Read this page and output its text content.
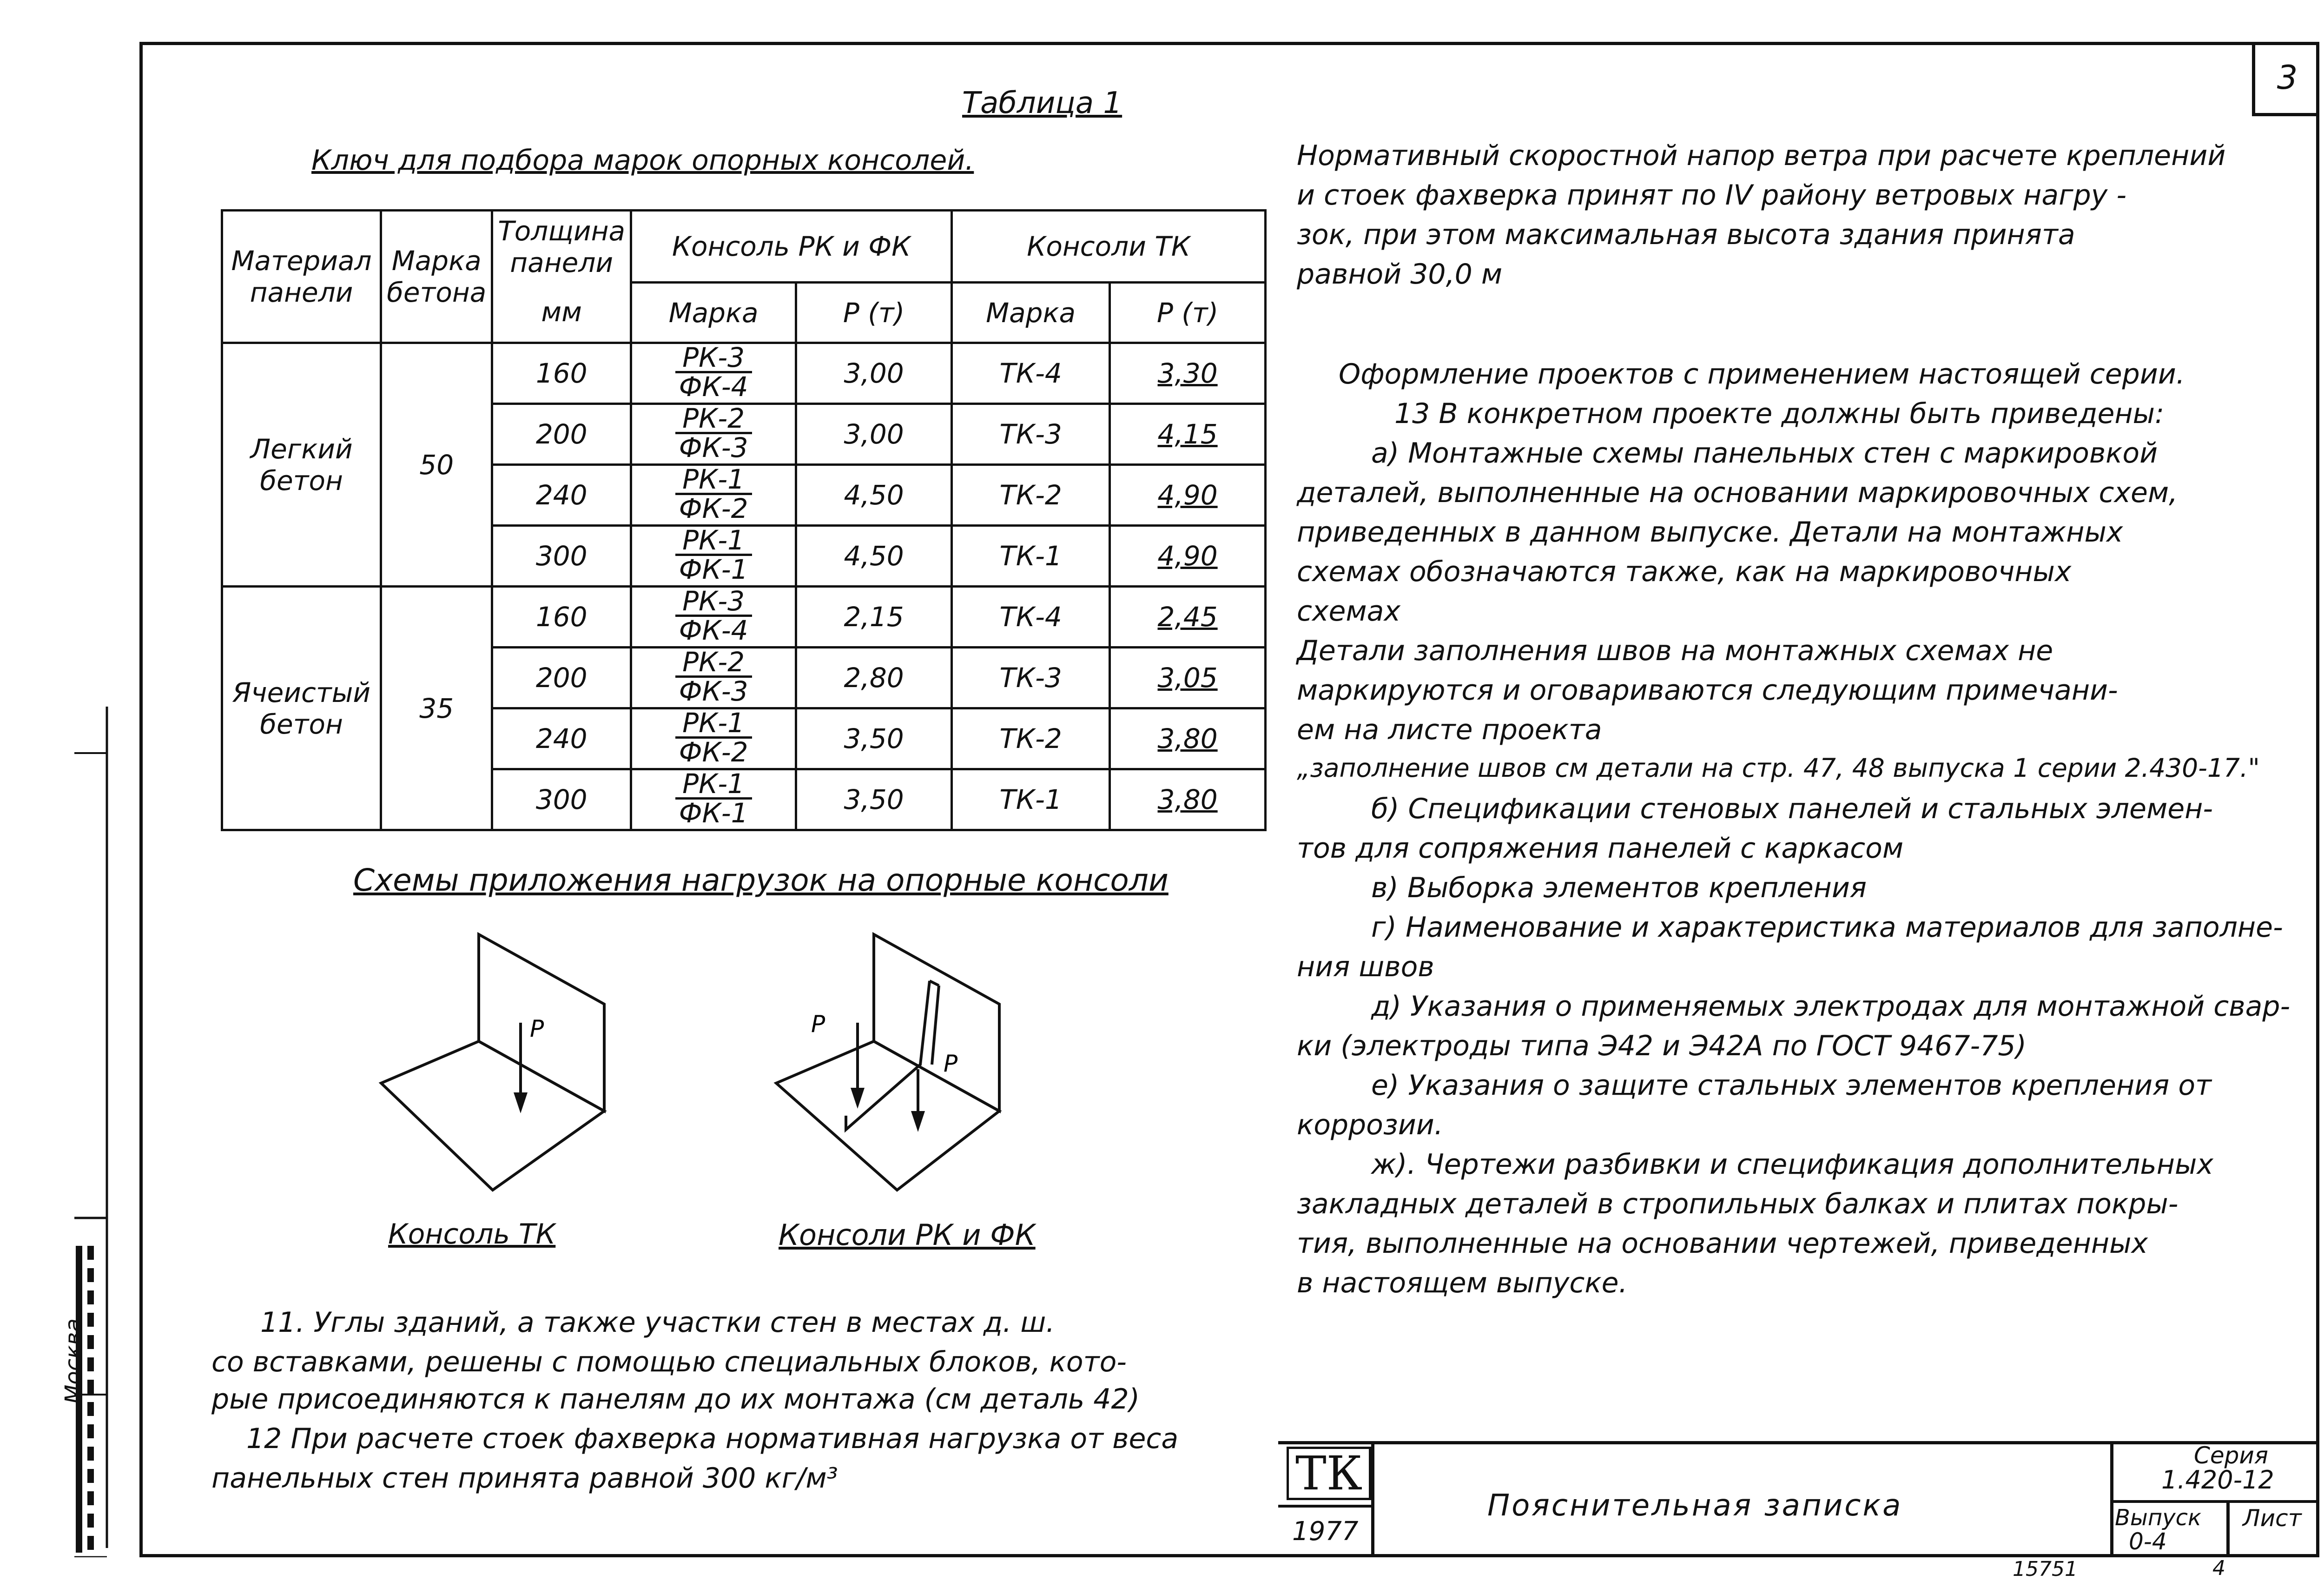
3
Москва
Таблица 1
Ключ для подбора марок опорных консолей.
Материал панели	Марка бетона	Толщина панели	Консоль РК и ФК		Консоли ТК	
		мм	Марка	Р (т)	Марка	Р (т)
Легкий бетон	50	160	$\frac{РК-3}{ФК-4}$	3,00	ТК-4	3,30
		200	$\frac{РК-2}{ФК-3}$	3,00	ТК-3	4,15
		240	$\frac{РК-1}{ФК-2}$	4,50	ТК-2	4,90
		300	$\frac{РК-1}{ФК-1}$	4,50	ТК-1	4,90
Ячеистый бетон	35	160	$\frac{РК-3}{ФК-4}$	2,15	ТК-4	2,45
		200	$\frac{РК-2}{ФК-3}$	2,80	ТК-3	3,05
		240	$\frac{РК-1}{ФК-2}$	3,50	ТК-2	3,80
		300	$\frac{РК-1}{ФК-1}$	3,50	ТК-1	3,80
Схемы приложения нагрузок на опорные консоли
Р	Р
Р
Консоль ТК	Консоли РК и ФК
11. Углы зданий, а также участки стен в местах д. ш.
со вставками, решены с помощью специальных блоков, кото-
рые присоединяются к панелям до их монтажа (см деталь 42)
12 При расчете стоек фахверка нормативная нагрузка от веса
панельных стен принята равной 300 кг/м³
Нормативный скоростной напор ветра при расчете креплений
и стоек фахверка принят по IV району ветровых нагру -
зок, при этом максимальная высота здания принята
равной 30,0 м
Оформление проектов с применением настоящей серии.
13 В конкретном проекте должны быть приведены:
а) Монтажные схемы панельных стен с маркировкой
деталей, выполненные на основании маркировочных схем,
приведенных в данном выпуске. Детали на монтажных
схемах обозначаются также, как на маркировочных
схемах
Детали заполнения швов на монтажных схемах не
маркируются и оговариваются следующим примечани-
ем на листе проекта
„заполнение швов см детали на стр. 47, 48 выпуска 1 серии 2.430-17."
б) Спецификации стеновых панелей и стальных элемен-
тов для сопряжения панелей с каркасом
в) Выборка элементов крепления
г) Наименование и характеристика материалов для заполне-
ния швов
д) Указания о применяемых электродах для монтажной свар-
ки (электроды типа Э42 и Э42А по ГОСТ 9467-75)
е) Указания о защите стальных элементов крепления от
коррозии.
ж). Чертежи разбивки и спецификация дополнительных
закладных деталей в стропильных балках и плитах покры-
тия, выполненные на основании чертежей, приведенных
в настоящем выпуске.
ТК
1977
Пояснительная записка
Серия
1.420-12
Выпуск
0-4
Лист
15751	4
